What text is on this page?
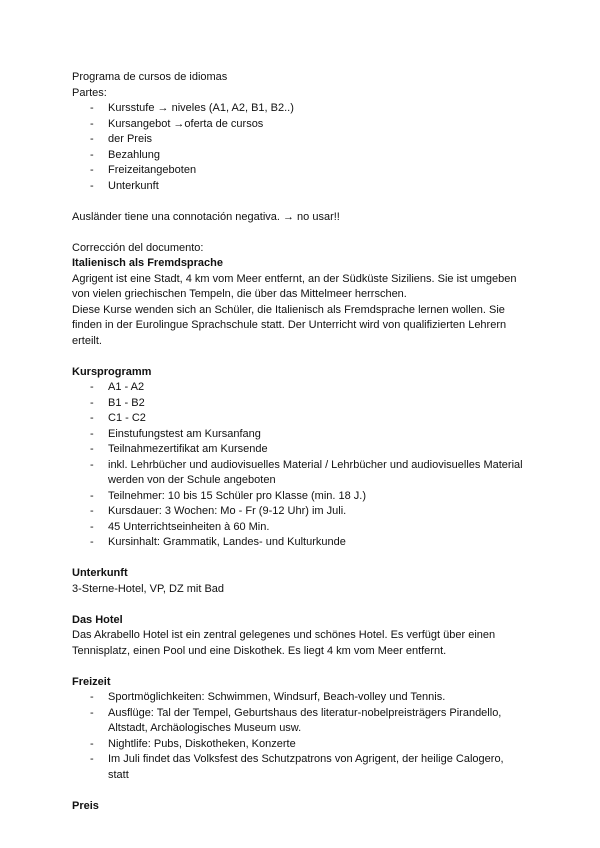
Programa de cursos de idiomas
Partes:
- Kursstufe → niveles (A1, A2, B1, B2..)
- Kursangebot →oferta de cursos
- der Preis
- Bezahlung
- Freizeitangeboten
- Unterkunft
Ausländer tiene una connotación negativa. → no usar!!
Corrección del documento:
Italienisch als Fremdsprache
Agrigent ist eine Stadt, 4 km vom Meer entfernt, an der Südküste Siziliens. Sie ist umgeben
von vielen griechischen Tempeln, die über das Mittelmeer herrschen.
Diese Kurse wenden sich an Schüler, die Italienisch als Fremdsprache lernen wollen. Sie
finden in der Eurolingue Sprachschule statt. Der Unterricht wird von qualifizierten Lehrern
erteilt.
Kursprogramm
- A1 - A2
- B1 - B2
- C1 - C2
- Einstufungstest am Kursanfang
- Teilnahmezertifikat am Kursende
- inkl. Lehrbücher und audiovisuelles Material / Lehrbücher und audiovisuelles Material
werden von der Schule angeboten
- Teilnehmer: 10 bis 15 Schüler pro Klasse (min. 18 J.)
- Kursdauer: 3 Wochen: Mo - Fr (9-12 Uhr) im Juli.
- 45 Unterrichtseinheiten à 60 Min.
- Kursinhalt: Grammatik, Landes- und Kulturkunde
Unterkunft
3-Sterne-Hotel, VP, DZ mit Bad
Das Hotel
Das Akrabello Hotel ist ein zentral gelegenes und schönes Hotel. Es verfügt über einen
Tennisplatz, einen Pool und eine Diskothek. Es liegt 4 km vom Meer entfernt.
Freizeit
- Sportmöglichkeiten: Schwimmen, Windsurf, Beach-volley und Tennis.
- Ausflüge: Tal der Tempel, Geburtshaus des literatur-nobelpreisträgers Pirandello,
Altstadt, Archäologisches Museum usw.
- Nightlife: Pubs, Diskotheken, Konzerte
- Im Juli findet das Volksfest des Schutzpatrons von Agrigent, der heilige Calogero,
statt
Preis
